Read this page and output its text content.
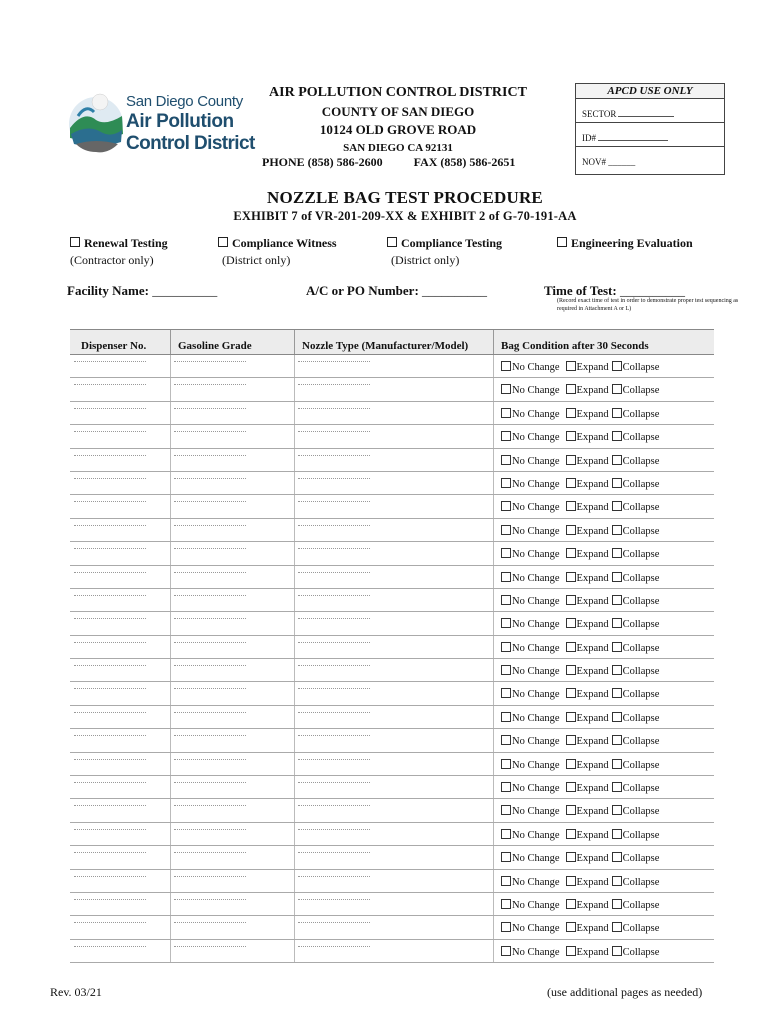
San Diego County
Air Pollution
Control District
AIR POLLUTION CONTROL DISTRICT
COUNTY OF SAN DIEGO
10124 OLD GROVE ROAD
SAN DIEGO CA 92131
PHONE (858) 586-2600	FAX (858) 586-2651
APCD USE ONLY
SECTOR
ID#
NOV# ______
NOZZLE BAG TEST PROCEDURE
EXHIBIT 7 of VR-201-209-XX & EXHIBIT 2 of G-70-191-AA
Renewal Testing
(Contractor only)
Compliance Witness
(District only)
Compliance Testing
(District only)
Engineering Evaluation
Facility Name: __________	A/C or PO Number: __________	Time of Test: __________
(Record exact time of test in order to demonstrate proper test sequencing as required in Attachment A or L)
Dispenser No.	Gasoline Grade	Nozzle Type (Manufacturer/Model)	Bag Condition after 30 Seconds
No Change Expand Collapse
No Change Expand Collapse
No Change Expand Collapse
No Change Expand Collapse
No Change Expand Collapse
No Change Expand Collapse
No Change Expand Collapse
No Change Expand Collapse
No Change Expand Collapse
No Change Expand Collapse
No Change Expand Collapse
No Change Expand Collapse
No Change Expand Collapse
No Change Expand Collapse
No Change Expand Collapse
No Change Expand Collapse
No Change Expand Collapse
No Change Expand Collapse
No Change Expand Collapse
No Change Expand Collapse
No Change Expand Collapse
No Change Expand Collapse
No Change Expand Collapse
No Change Expand Collapse
No Change Expand Collapse
No Change Expand Collapse
Rev. 03/21	(use additional pages as needed)
